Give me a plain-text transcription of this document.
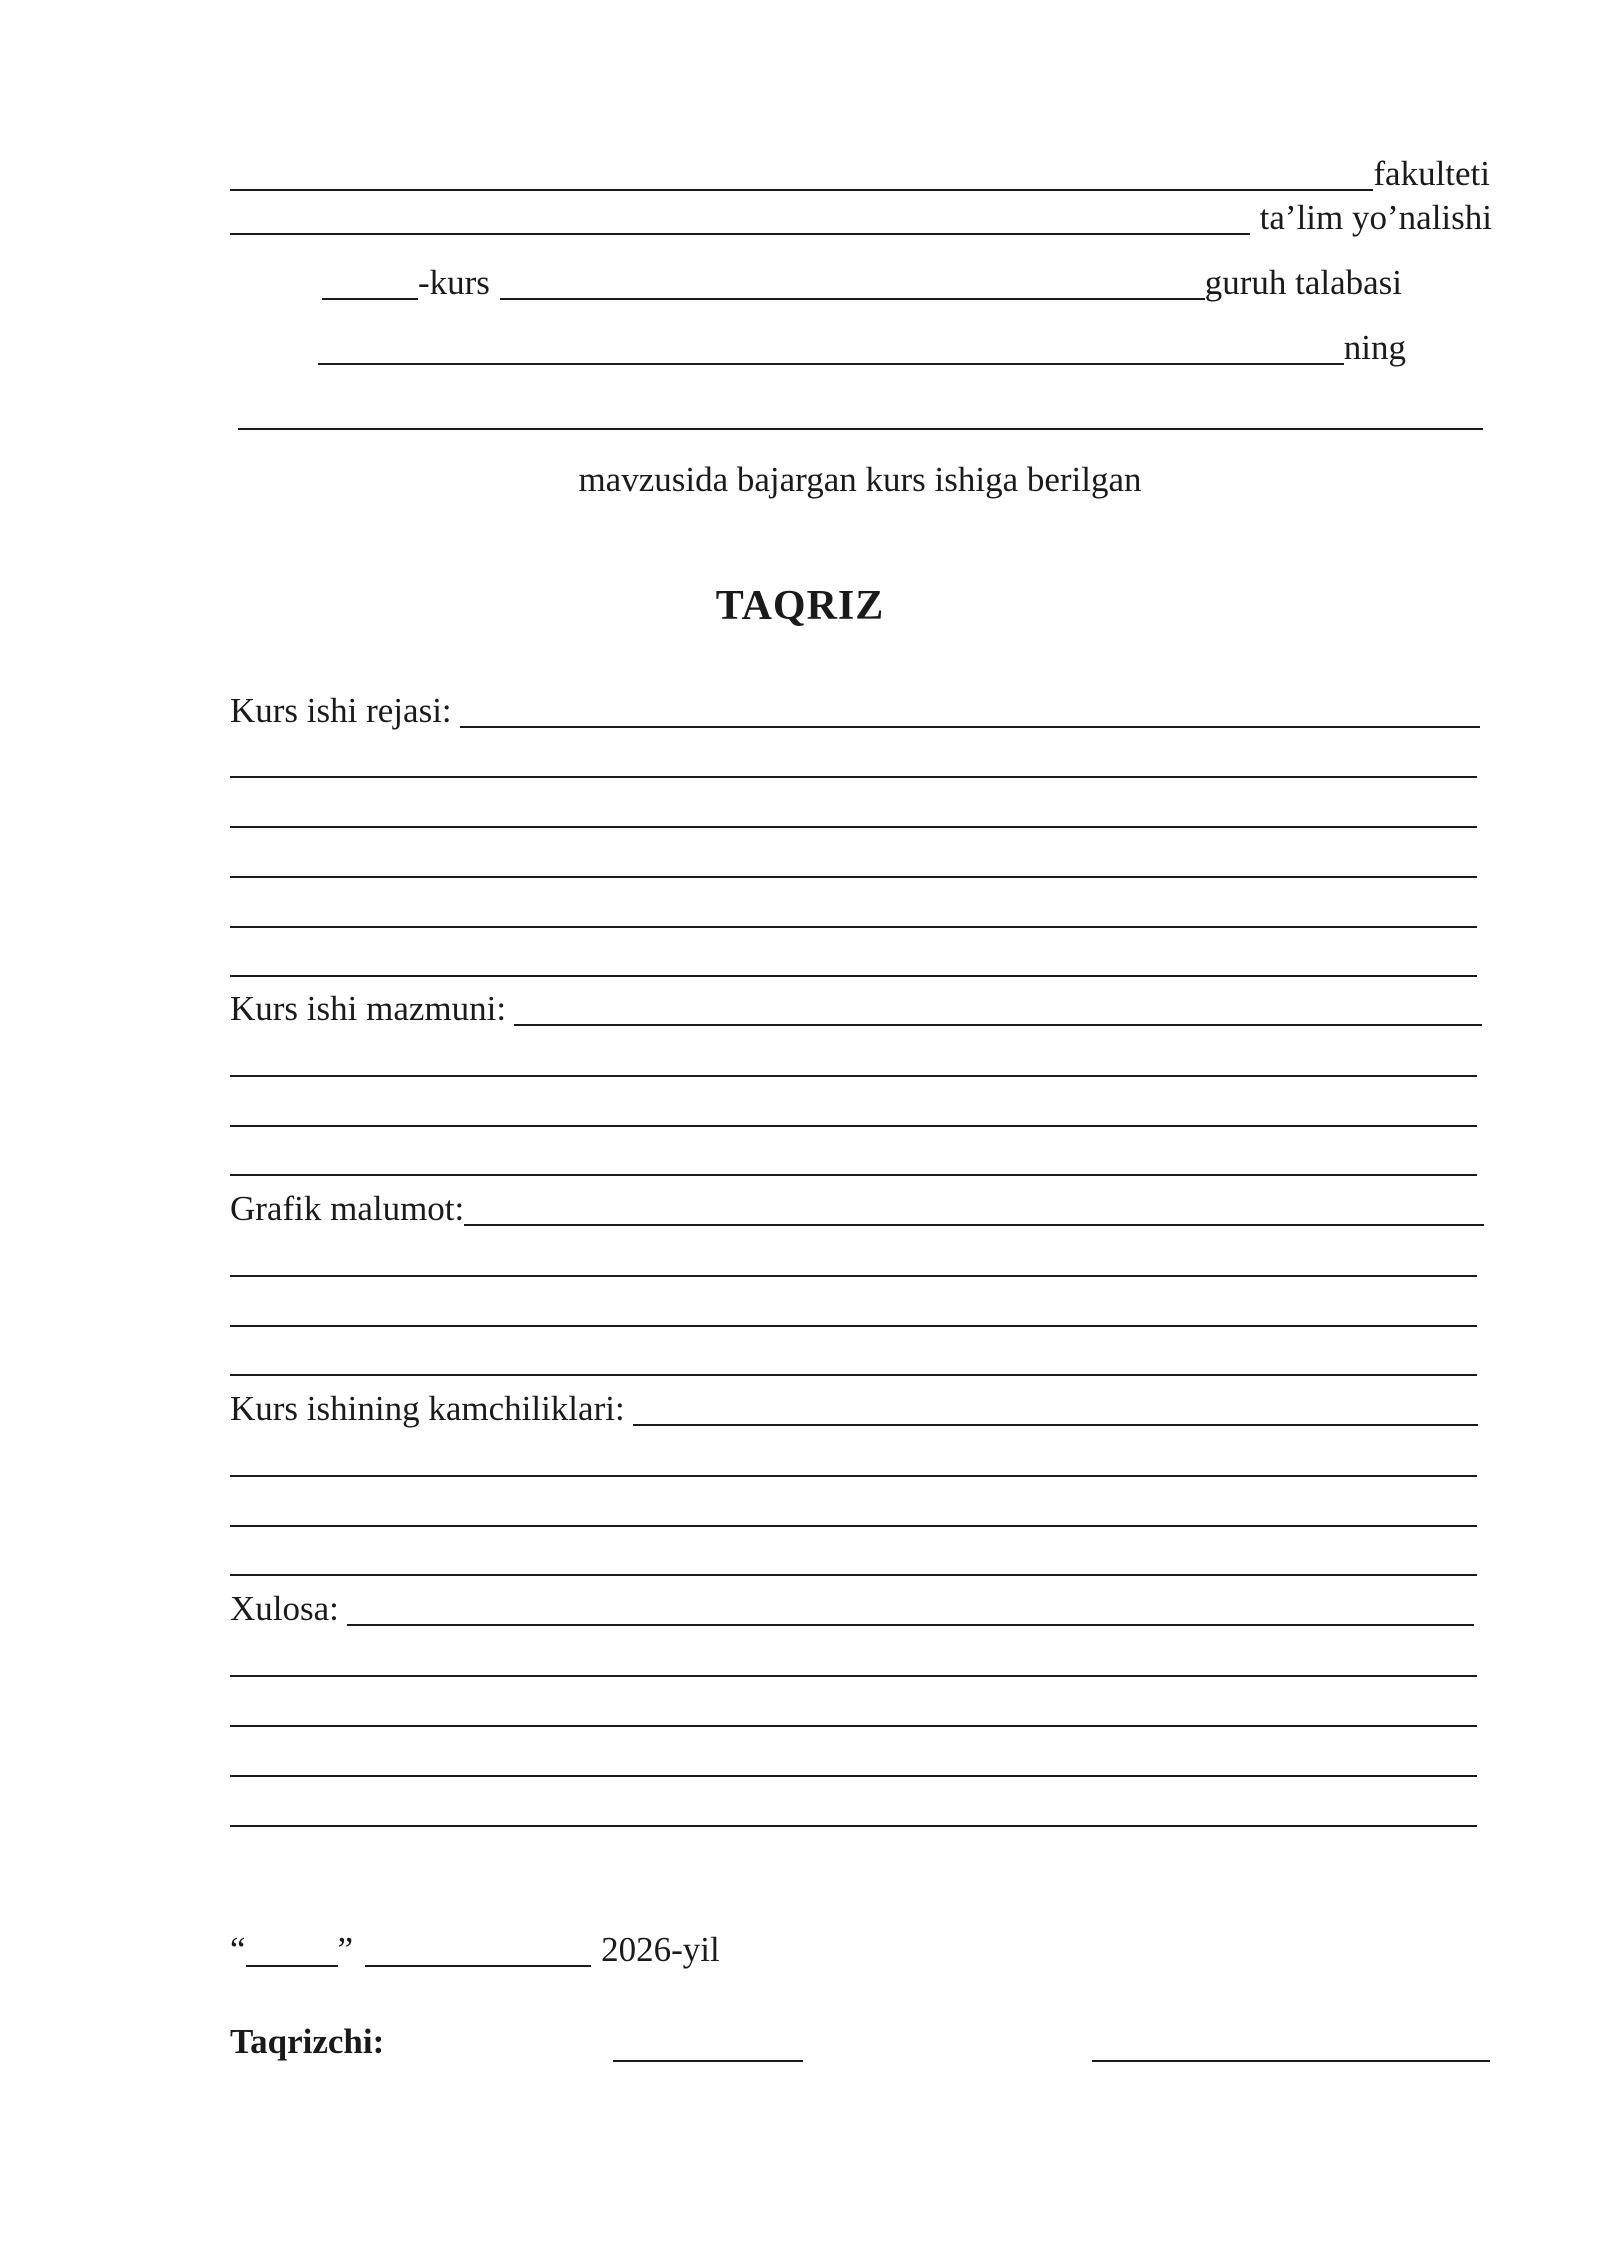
fakulteti
ta’lim yo’nalishi
-kurs	guruh talabasi
ning
mavzusida bajargan kurs ishiga berilgan
TAQRIZ
Kurs ishi rejasi:
Kurs ishi mazmuni:
Grafik malumot:
Kurs ishining kamchiliklari:
Xulosa:
“	”	2026-yil
Taqrizchi:
